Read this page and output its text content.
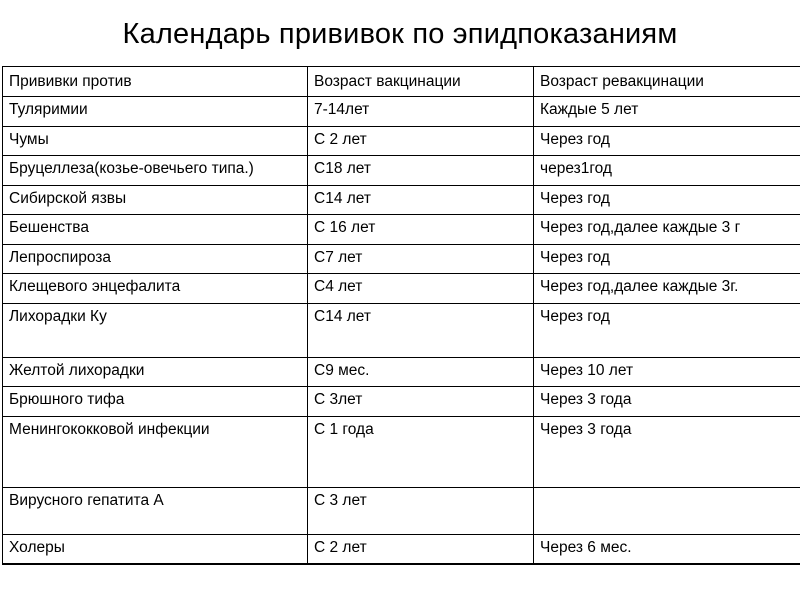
Календарь прививок по эпидпоказаниям
Прививки против	Возраст вакцинации	Возраст ревакцинации
Туляримии	7-14лет	Каждые 5 лет
Чумы	С 2 лет	Через год
Бруцеллеза(козье-овечьего типа.)	С18 лет	через1год
Сибирской язвы	С14 лет	Через год
Бешенства	С 16 лет	Через год,далее каждые 3 г
Лепроспироза	С7 лет	Через год
Клещевого энцефалита	С4 лет	Через год,далее каждые 3г.
Лихорадки Ку	С14 лет	Через год
Желтой лихорадки	С9 мес.	Через 10 лет
Брюшного тифа	С 3лет	Через 3 года
Менингококковой инфекции	С 1 года	Через 3 года
Вирусного гепатита А	С 3 лет	
Холеры	С 2 лет	Через 6 мес.
